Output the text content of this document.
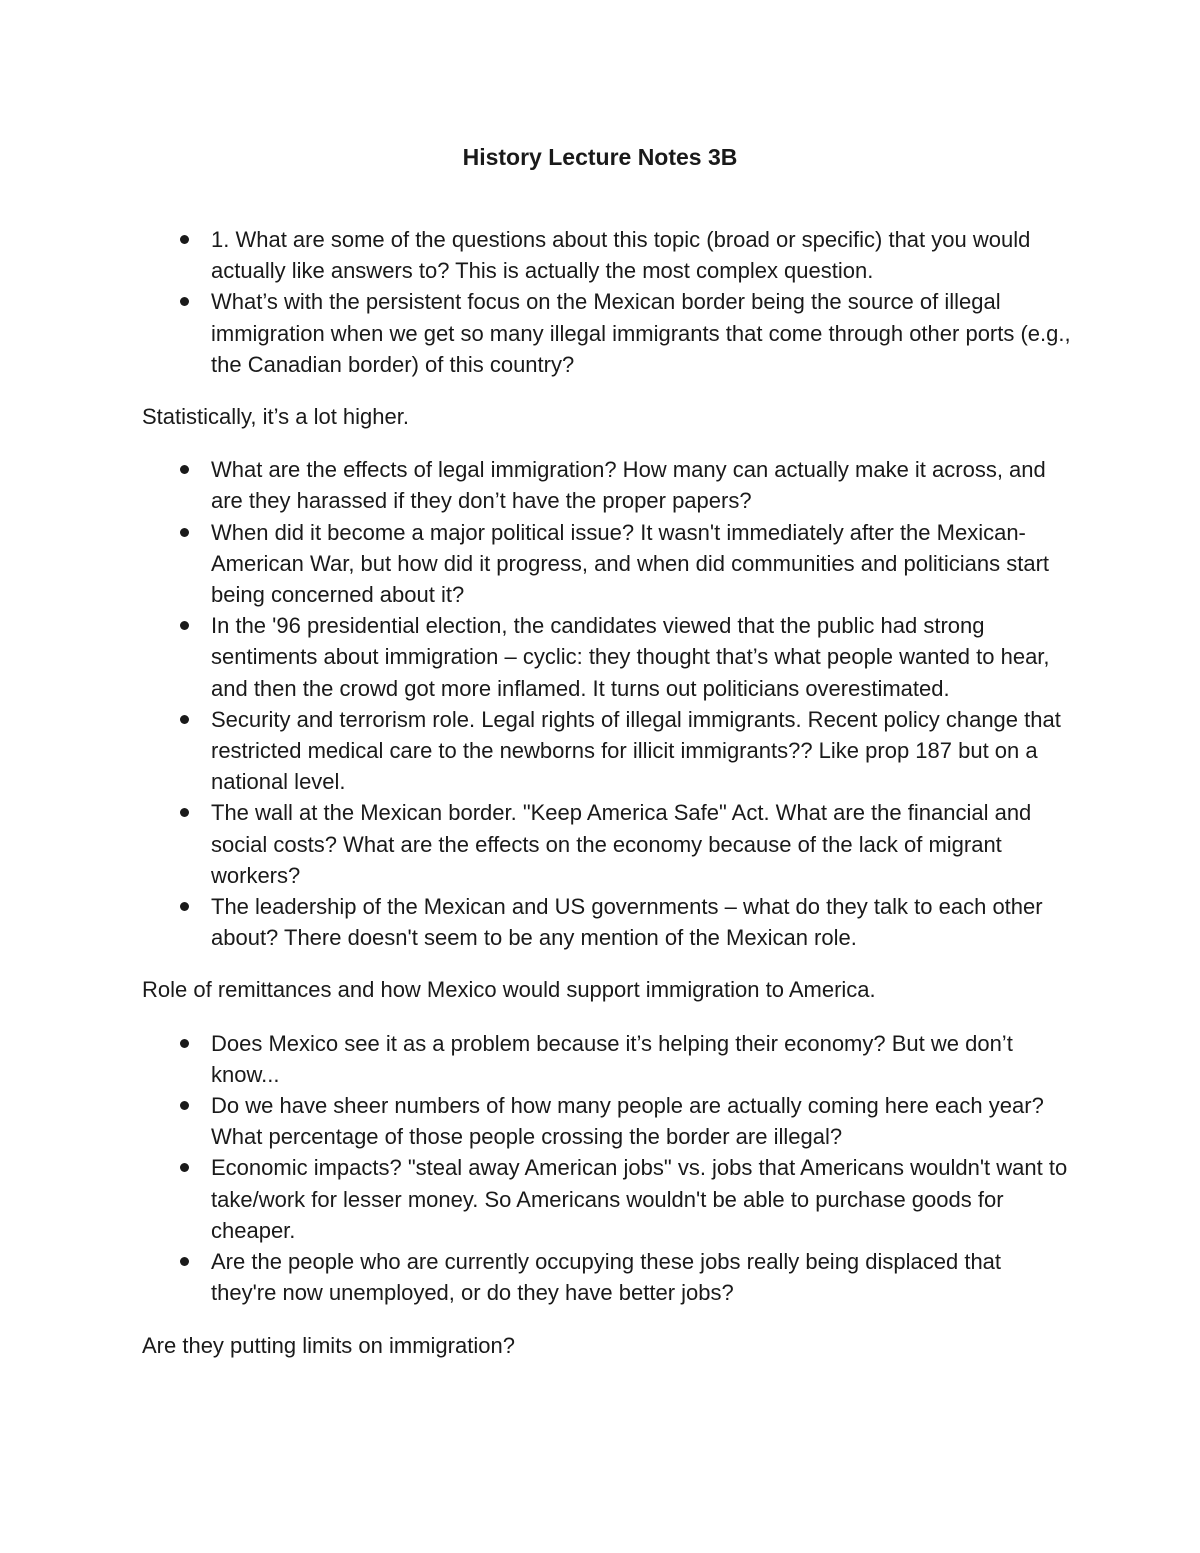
History Lecture Notes 3B
1. What are some of the questions about this topic (broad or specific) that you would actually like answers to? This is actually the most complex question.
What’s with the persistent focus on the Mexican border being the source of illegal immigration when we get so many illegal immigrants that come through other ports (e.g., the Canadian border) of this country?

Statistically, it’s a lot higher.

What are the effects of legal immigration? How many can actually make it across, and are they harassed if they don’t have the proper papers?
When did it become a major political issue? It wasn't immediately after the Mexican- American War, but how did it progress, and when did communities and politicians start being concerned about it?
In the '96 presidential election, the candidates viewed that the public had strong sentiments about immigration – cyclic: they thought that’s what people wanted to hear, and then the crowd got more inflamed. It turns out politicians overestimated.
Security and terrorism role. Legal rights of illegal immigrants. Recent policy change that restricted medical care to the newborns for illicit immigrants?? Like prop 187 but on a national level.
The wall at the Mexican border. "Keep America Safe" Act. What are the financial and social costs? What are the effects on the economy because of the lack of migrant workers?
The leadership of the Mexican and US governments – what do they talk to each other about? There doesn't seem to be any mention of the Mexican role.

Role of remittances and how Mexico would support immigration to America.

Does Mexico see it as a problem because it’s helping their economy? But we don’t know...
Do we have sheer numbers of how many people are actually coming here each year? What percentage of those people crossing the border are illegal?
Economic impacts? "steal away American jobs" vs. jobs that Americans wouldn't want to take/work for lesser money. So Americans wouldn't be able to purchase goods for cheaper.
Are the people who are currently occupying these jobs really being displaced that they're now unemployed, or do they have better jobs?

Are they putting limits on immigration?
